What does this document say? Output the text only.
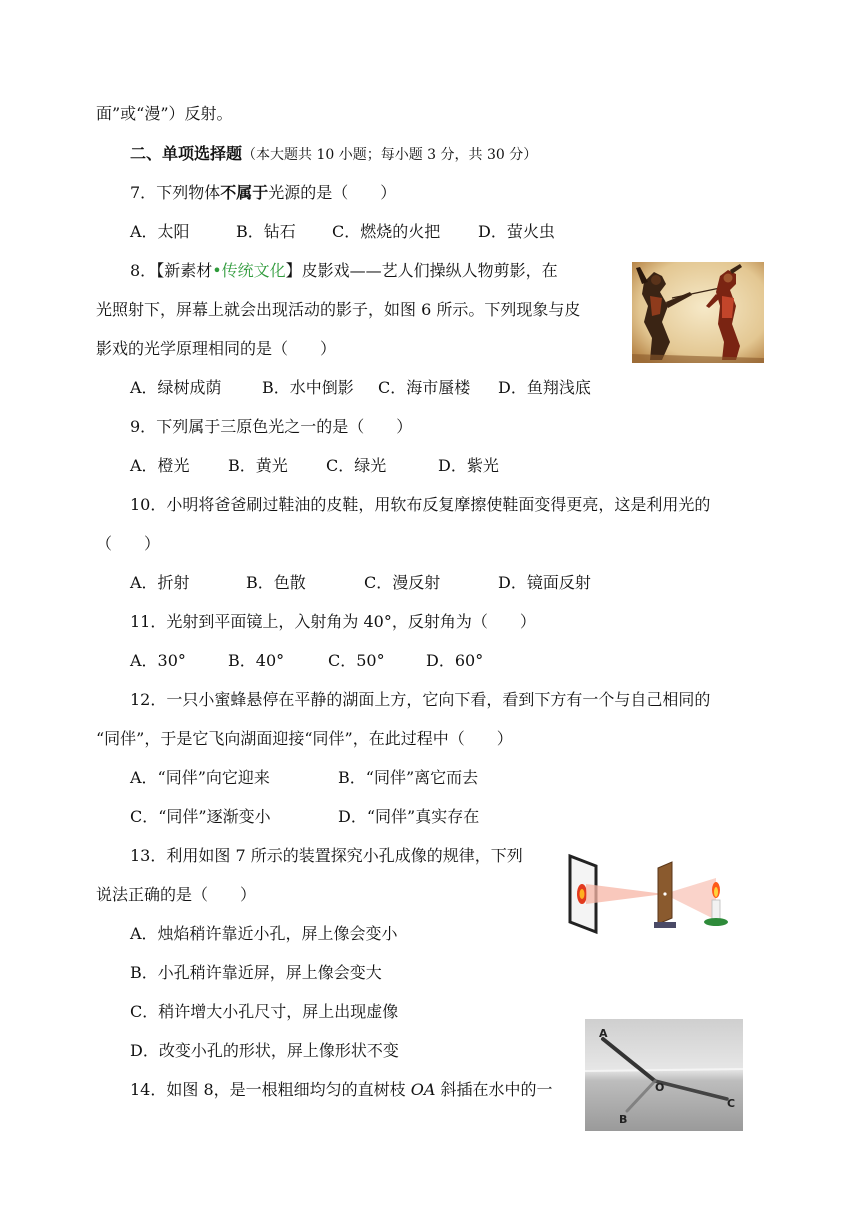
面”或“漫”）反射。
二、单项选择题（本大题共 10 小题；每小题 3 分，共 30 分）
7．下列物体不属于光源的是（　　）
A．太阳	B．钻石 C．燃烧的火把 D．萤火虫
8．【新素材•传统文化】皮影戏——艺人们操纵人物剪影，在
光照射下，屏幕上就会出现活动的影子，如图 6 所示。下列现象与皮
影戏的光学原理相同的是（　　）
A．绿树成荫	B．水中倒影 C．海市蜃楼 D．鱼翔浅底
9．下列属于三原色光之一的是（　　）
A．橙光 B．黄光 C．绿光	D．紫光
10．小明将爸爸刷过鞋油的皮鞋，用软布反复摩擦使鞋面变得更亮，这是利用光的
（　　）
A．折射	B．色散	C．漫反射	D．镜面反射
11．光射到平面镜上，入射角为 40°，反射角为（　　）
A．30°	B．40°	C．50°	D．60°
12．一只小蜜蜂悬停在平静的湖面上方，它向下看，看到下方有一个与自己相同的
“同伴”，于是它飞向湖面迎接“同伴”，在此过程中（　　）
A．“同伴”向它迎来	B．“同伴”离它而去
C．“同伴”逐渐变小	D．“同伴”真实存在
13．利用如图 7 所示的装置探究小孔成像的规律，下列
说法正确的是（　　）
A．烛焰稍许靠近小孔，屏上像会变小
B．小孔稍许靠近屏，屏上像会变大
C．稍许增大小孔尺寸，屏上出现虚像
D．改变小孔的形状，屏上像形状不变
14．如图 8，是一根粗细均匀的直树枝 OA 斜插在水中的一
A
O
B
C
